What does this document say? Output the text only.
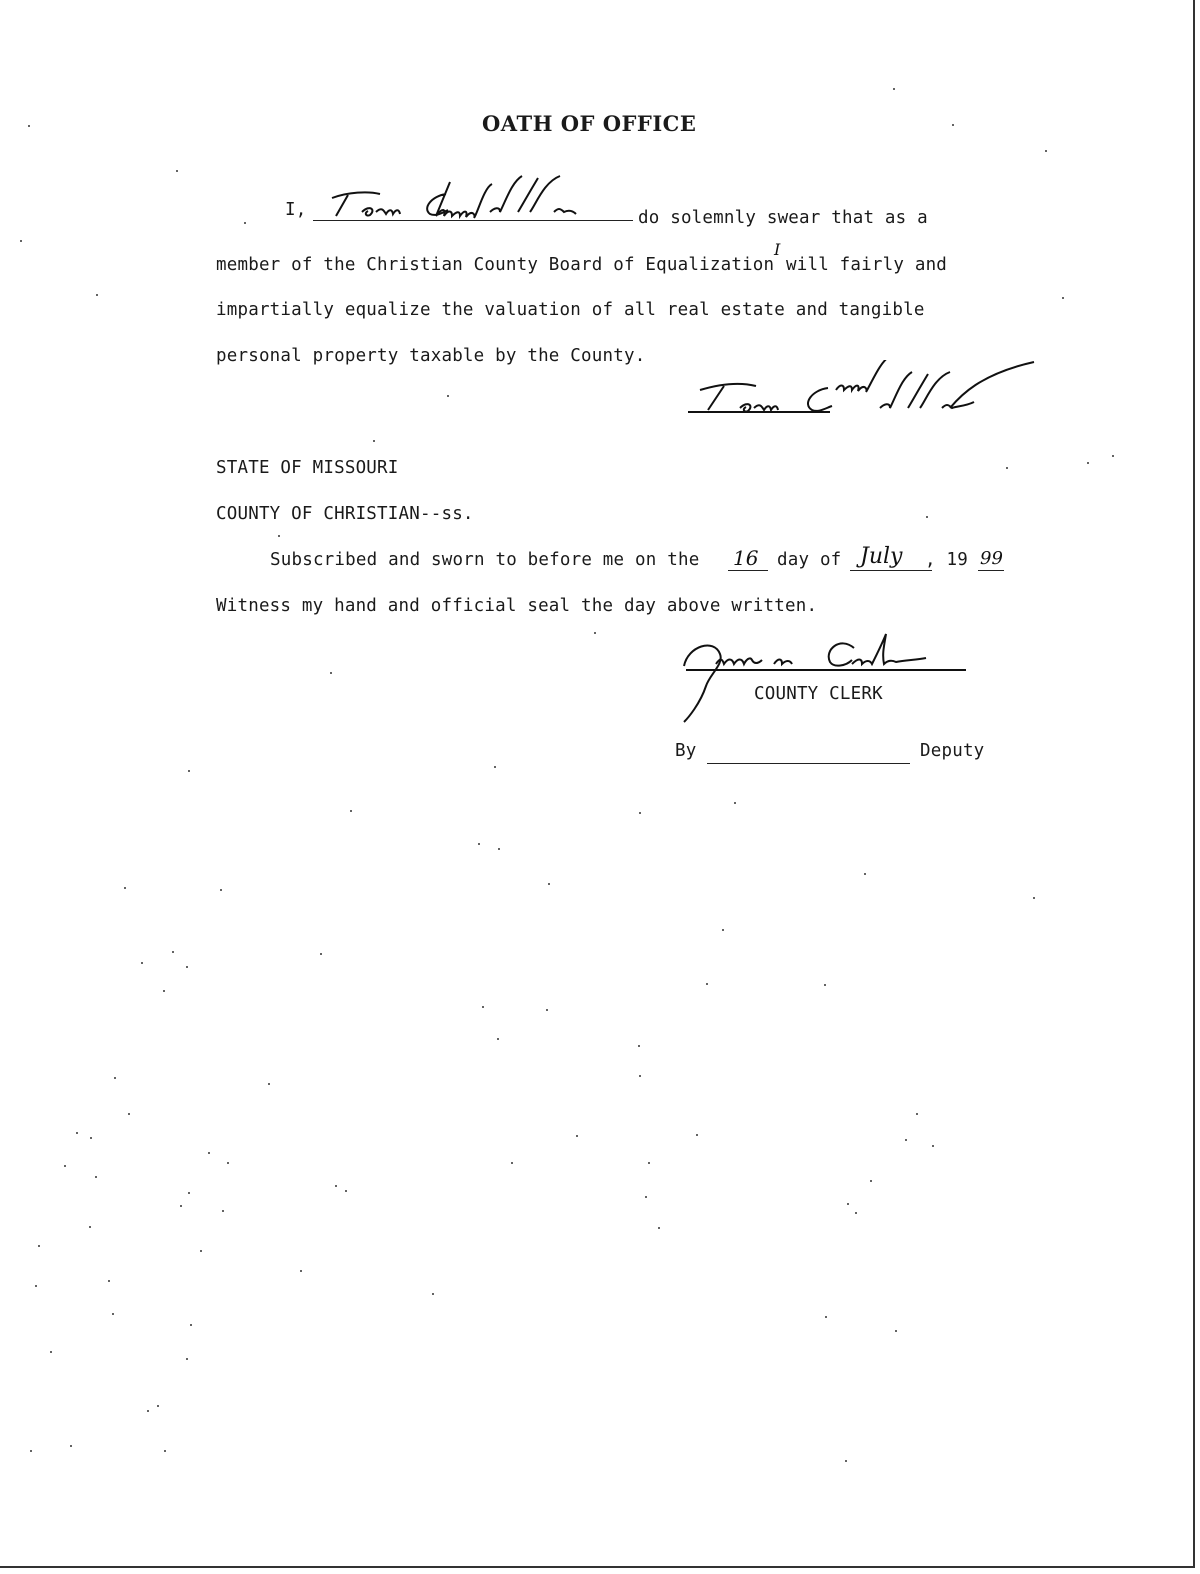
OATH OF OFFICE
I,	do solemnly swear that as a
member of the Christian County Board of Equalization
I
will fairly and
impartially equalize the valuation of all real estate and tangible
personal property taxable by the County.
STATE OF MISSOURI
COUNTY OF CHRISTIAN--ss.
Subscribed and sworn to before me on the 16 day of July , 19 99
Witness my hand and official seal the day above written.
COUNTY CLERK
By	Deputy
